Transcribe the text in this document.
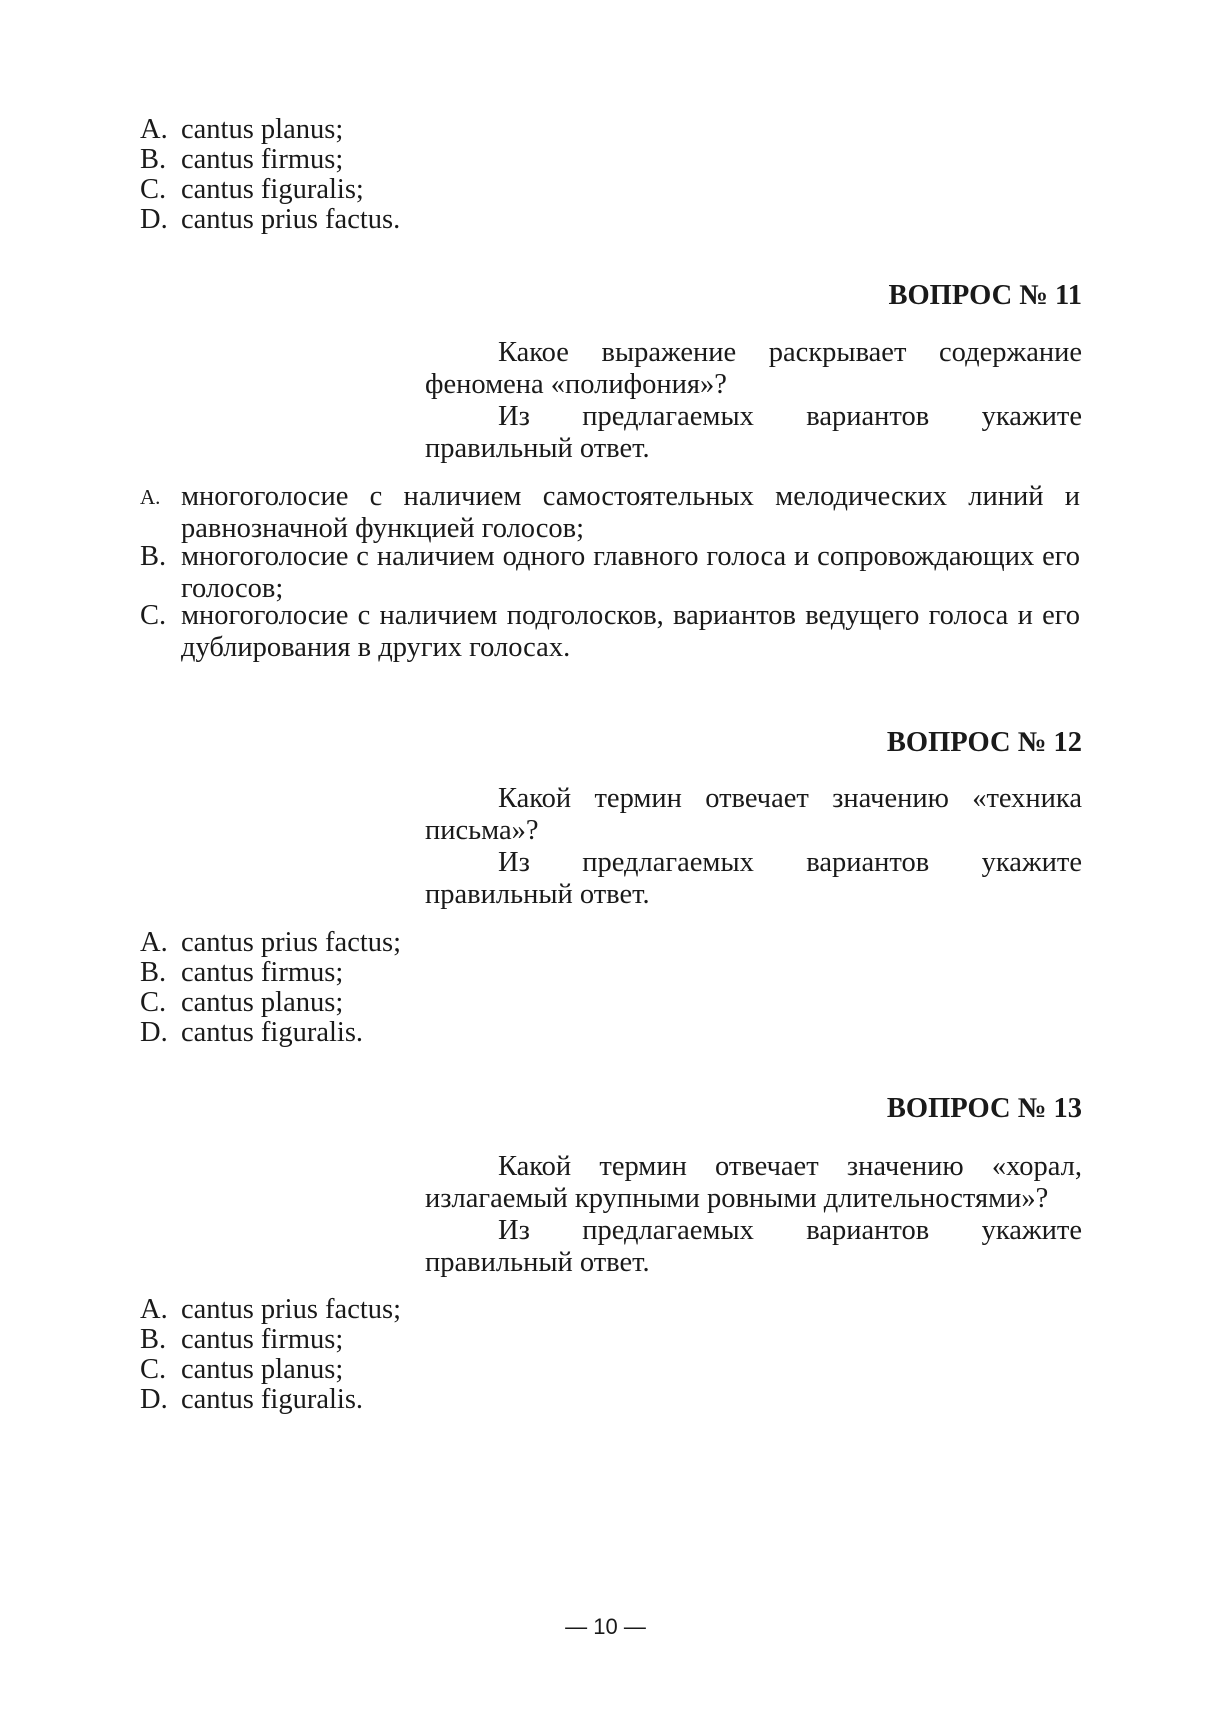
A. cantus planus;
B. cantus firmus;
C. cantus figuralis;
D. cantus prius factus.
ВОПРОС № 11

Какое выражение раскрывает содержание феномена «полифония»?

Из предлагаемых вариантов укажите правильный ответ.

A. многоголосие с наличием самостоятельных мелодических линий и равнозначной функцией голосов;
B. многоголосие с наличием одного главного голоса и сопровождающих его голосов;
C. многоголосие с наличием подголосков, вариантов ведущего голоса и его дублирования в других голосах.
ВОПРОС № 12

Какой термин отвечает значению «техника письма»?

Из предлагаемых вариантов укажите правильный ответ.

A. cantus prius factus;
B. cantus firmus;
C. cantus planus;
D. cantus figuralis.
ВОПРОС № 13

Какой термин отвечает значению «хорал, излагаемый крупными ровными длительностями»?

Из предлагаемых вариантов укажите правильный ответ.

A. cantus prius factus;
B. cantus firmus;
C. cantus planus;
D. cantus figuralis.
— 10 —
